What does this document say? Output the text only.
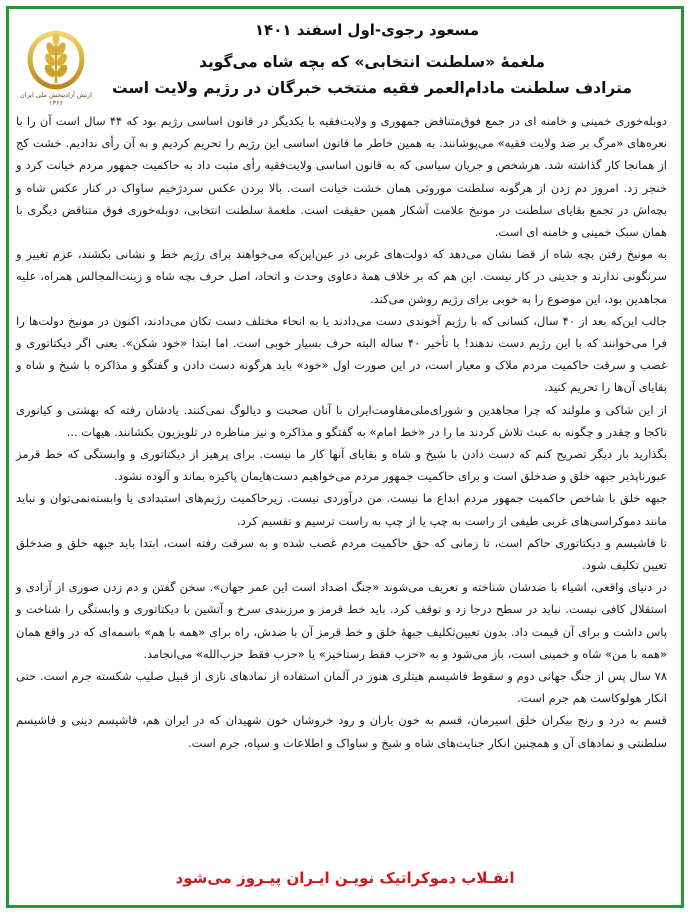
ارتش آزادیبخش ملی ایران ۱۳۶۶
مسعود رجوی-اول اسفند ۱۴۰۱
ملغمهٔ «سلطنت انتخابی» که بچه شاه می‌گوید
مترادف سلطنت مادام‌العمر فقیه منتخب خبرگان در رژیم ولایت است

دوبله‌خوری خمینی و خامنه ای در جمع فوق‌متناقض جمهوری و ولایت‌فقیه با یکدیگر در قانون اساسی رژیم بود که ۴۴ سال است آن را با نعره‌های «مرگ بر ضد ولایت فقیه» می‌پوشانند. به همین خاطر ما قانون اساسی این رژیم را تحریم کردیم و به آن رأی ندادیم. خشت کج از همانجا کار گذاشته شد. هرشخص و جریان سیاسی که به قانون اساسی ولایت‌فقیه رأی مثبت داد به حاکمیت جمهور مردم خیانت کرد و خنجر زد. امروز دم زدن از هرگونه سلطنت موروثی همان خشت خیانت است. بالا بردن عکس سردژخیم ساواک در کنار عکس شاه و بچه‌اش در تجمع بقایای سلطنت در مونیخ علامت آشکار همین حقیقت است. ملغمهٔ سلطنت انتخابی، دوبله‌خوری فوق متناقض دیگری با همان سبک خمینی و خامنه ای است.

به مونیخ رفتن بچه شاه از قضا نشان می‌دهد که دولت‌های غربی در عین‌این‌که می‌خواهند برای رژیم خط و نشانی بکشند، عزم تغییر و سرنگونی ندارند و جدیتی در کار نیست. این هم که بر خلاف همهٔ دعاوی وحدت و اتحاد، اصل حرف بچه شاه و زینت‌المجالس همراه، علیه مجاهدین بود، این موضوع را به خوبی برای رژیم روشن می‌کند.

جالب این‌که بعد از ۴۰ سال، کسانی که با رژیم آخوندی دست می‌دادند یا به انحاء مختلف دست تکان می‌دادند، اکنون در مونیخ دولت‌ها را فرا می‌خوانند که با این رژیم دست ندهند! با تأخیر ۴۰ ساله البته حرف بسیار خوبی است. اما ابتدا «خود شکن». یعنی اگر دیکتاتوری و غصب و سرقت حاکمیت مردم ملاک و معیار است، در این صورت اول «خود» باید هرگونه دست دادن و گفتگو و مذاکره با شیخ و شاه و بقایای آن‌ها را تحریم کنید.

از این شاکی و ملولند که چرا مجاهدین و شورای‌ملی‌مقاومت‌ایران با آنان صحبت و دیالوگ نمی‌کنند. یادشان رفته که بهشتی و کیانوری تاکجا و چقدر و چگونه به عبث تلاش کردند ما را در «خط امام» به گفتگو و مذاکره و نیز مناظره در تلویزیون بکشانند. هیهات ...

بگذارید بار دیگر تصریح کنم که دست دادن با شیخ و شاه و بقایای آنها کار ما نیست. برای پرهیز از دیکتاتوری و وابستگی که خط قرمز عبورناپذیر جبهه خلق و ضدخلق است و برای حاکمیت جمهور مردم می‌خواهیم دست‌هایمان پاکیزه بماند و آلوده نشود.

جبهه خلق با شاخص حاکمیت جمهور مردم ابداع ما نیست. من درآوردی نیست. زیرحاکمیت رژیم‌های استبدادی یا وابسته‌نمی‌توان و نباید مانند دموکراسی‌های غربی طیفی از راست به چپ یا از چپ به راست ترسیم و تقسیم کرد.

تا فاشیسم و دیکتاتوری حاکم است، تا زمانی که حق حاکمیت مردم غصب شده و به سرقت رفته است، ابتدا باید جبهه خلق و ضدخلق تعیین تکلیف شود.

در دنیای واقعی، اشیاء با ضدشان شناخته و تعریف می‌شوند «جنگ اضداد است این عمر جهان». سخن گفتن و دم زدن صوری از آزادی و استقلال کافی نیست. نباید در سطح درجا زد و توقف کرد. باید خط قرمز و مرزبندی سرخ و آتشین با دیکتاتوری و وابستگی را شناخت و پاس داشت و برای آن قیمت داد. بدون تعیین‌تکلیف جبههٔ خلق و خط قرمز آن با ضدش، راه برای «همه با هم» باسمه‌ای که در واقع همان «همه با من» شاه و خمینی است، باز می‌شود و به «حزب فقط رستاخیز» یا «حزب فقط حزب‌الله» می‌انجامد.

۷۸ سال پس از جنگ جهانی دوم و سقوط فاشیسم هیتلری هنوز در آلمان استفاده از نمادهای نازی از قبیل صلیب شکسته جرم است. حتی انکار هولوکاست هم جرم است.

قسم به درد و رنج بیکران خلق اسیرمان، قسم به خون یاران و رود خروشان خون شهیدان که در ایران هم، فاشیسم دینی و فاشیسم سلطنتی و نمادهای آن و همچنین انکار جنایت‌های شاه و شیخ و ساواک و اطلاعات و سپاه، جرم است.

انقـلاب دموکراتیک نویـن ایـران پیـروز می‌شود
